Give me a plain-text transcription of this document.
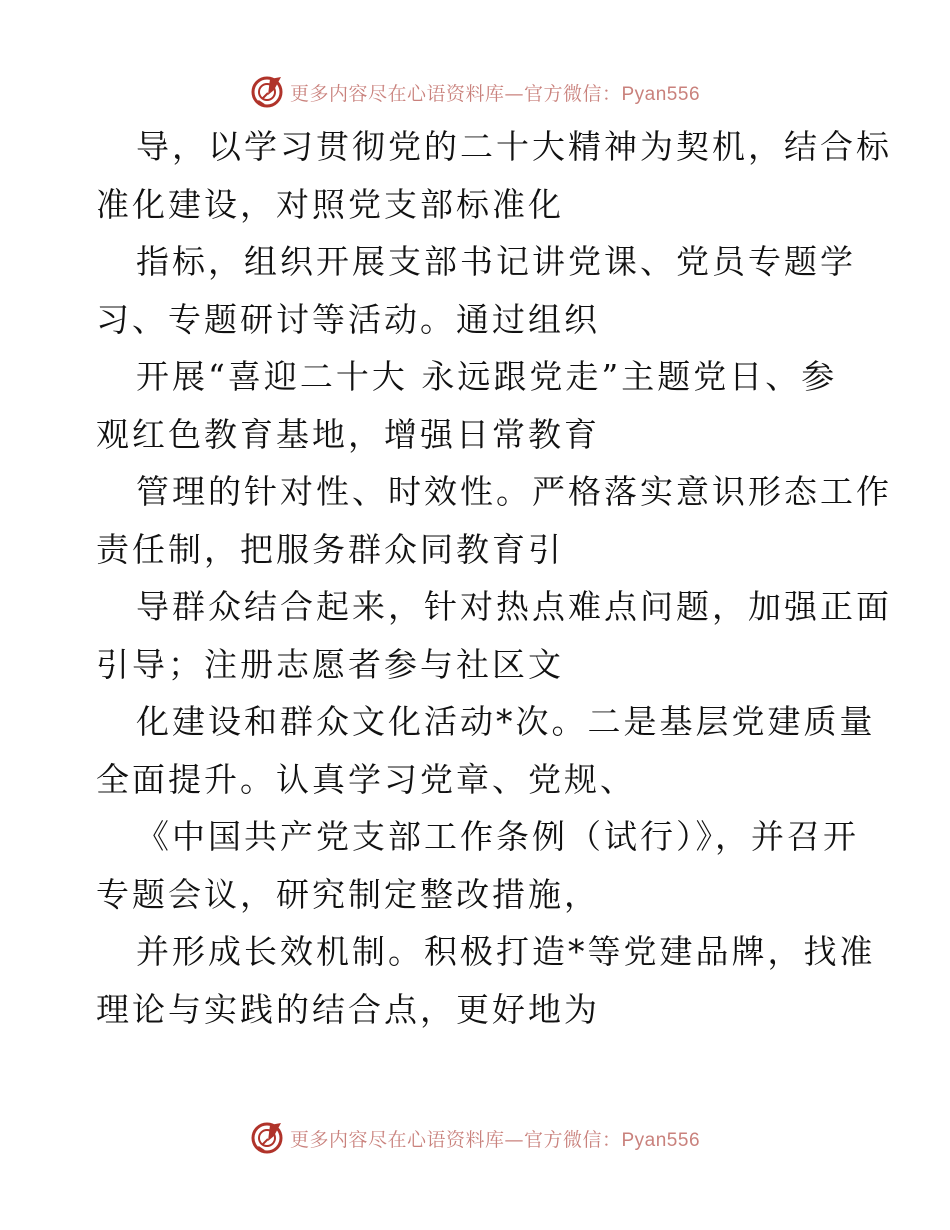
更多内容尽在心语资料库—官方微信：Pyan556

导，以学习贯彻党的二十大精神为契机，结合标
准化建设，对照党支部标准化

指标，组织开展支部书记讲党课、党员专题学
习、专题研讨等活动。通过组织

开展“喜迎二十大 永远跟党走”主题党日、参
观红色教育基地，增强日常教育

管理的针对性、时效性。严格落实意识形态工作
责任制，把服务群众同教育引

导群众结合起来，针对热点难点问题，加强正面
引导；注册志愿者参与社区文

化建设和群众文化活动*次。二是基层党建质量
全面提升。认真学习党章、党规、

《中国共产党支部工作条例（试行）》，并召开
专题会议，研究制定整改措施，

并形成长效机制。积极打造*等党建品牌，找准
理论与实践的结合点，更好地为

更多内容尽在心语资料库—官方微信：Pyan556
